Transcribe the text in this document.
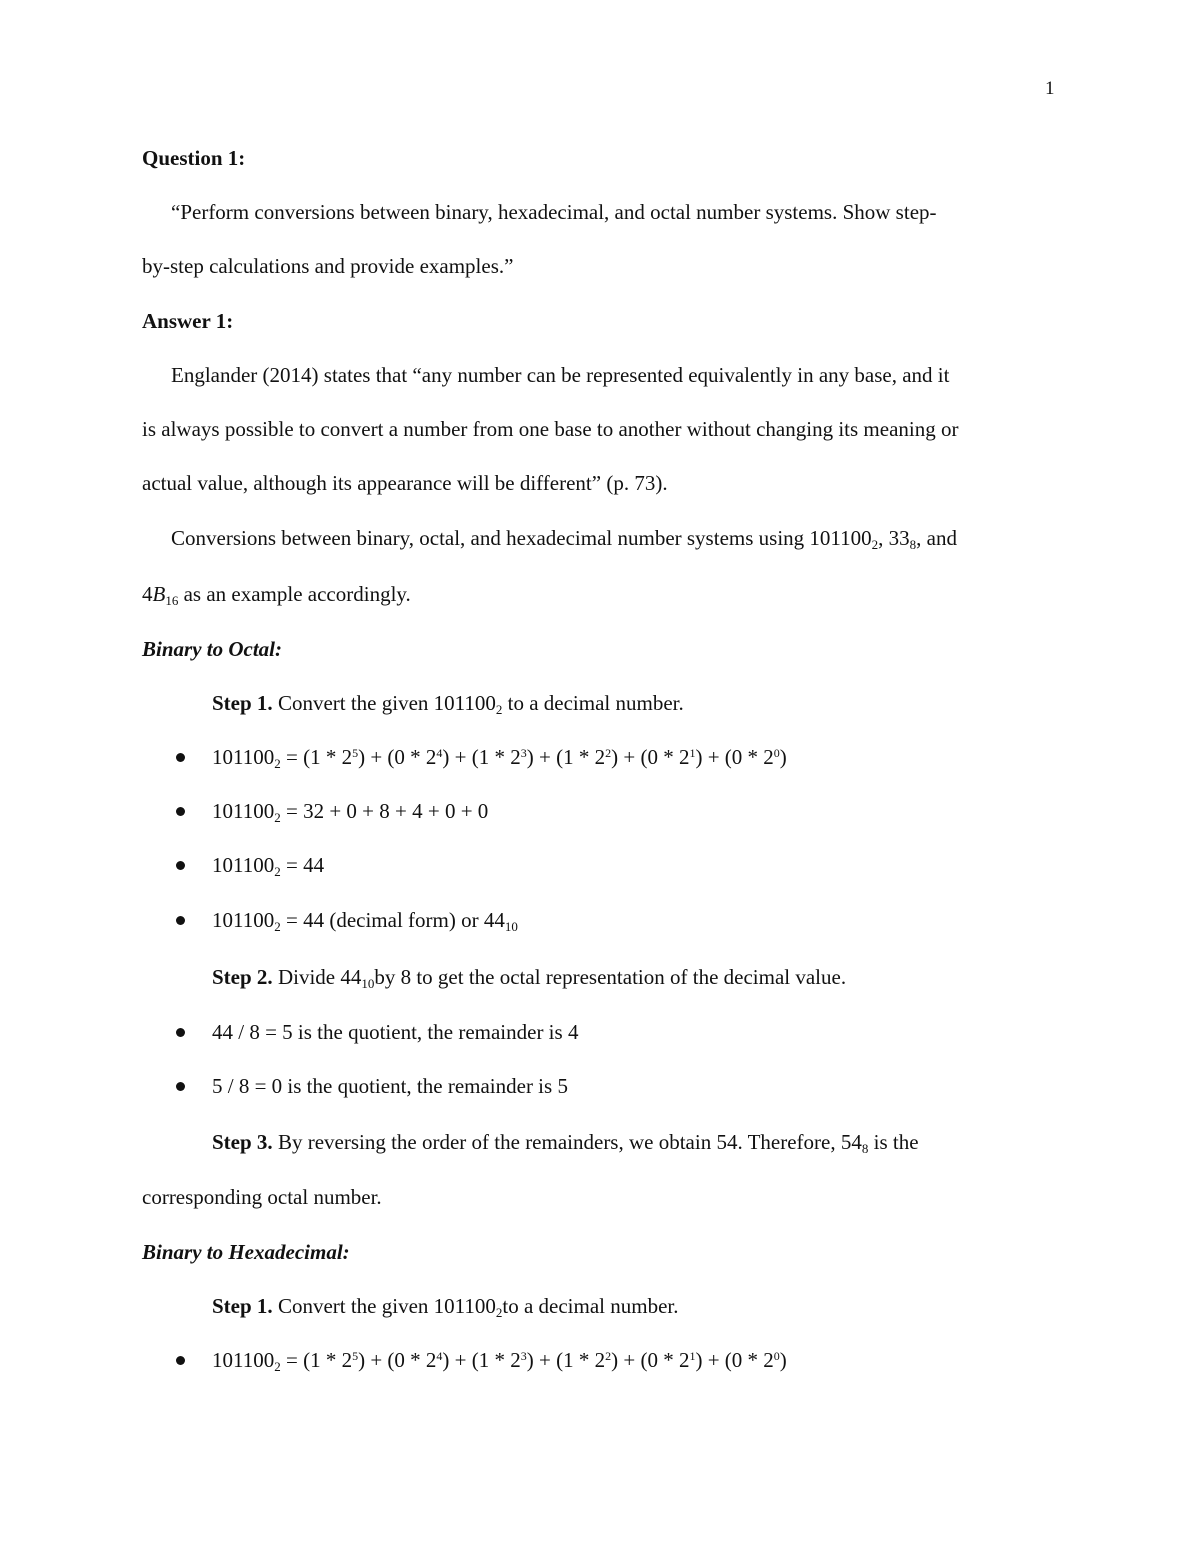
1
Question 1:
“Perform conversions between binary, hexadecimal, and octal number systems. Show step-
by-step calculations and provide examples.”
Answer 1:
Englander (2014) states that “any number can be represented equivalently in any base, and it
is always possible to convert a number from one base to another without changing its meaning or
actual value, although its appearance will be different” (p. 73).
Conversions between binary, octal, and hexadecimal number systems using $101100_2$, $33_8$, and
$4B_{16}$ as an example accordingly.
Binary to Octal:
Step 1. Convert the given $101100_2$ to a decimal number.
$101100_2 = (1 * 2^5) + (0 * 2^4) + (1 * 2^3) + (1 * 2^2) + (0 * 2^1) + (0 * 2^0)$
$101100_2 = 32 + 0 + 8 + 4 + 0 + 0$
$101100_2 = 44$
$101100_2 = 44$ (decimal form) or $44_{10}$
Step 2. Divide $44_{10}by$ 8 to get the octal representation of the decimal value.
44 / 8 = 5 is the quotient, the remainder is 4
5 / 8 = 0 is the quotient, the remainder is 5
Step 3. By reversing the order of the remainders, we obtain 54. Therefore, $54_8$ is the
corresponding octal number.
Binary to Hexadecimal:
Step 1. Convert the given $101100_2to$ a decimal number.
$101100_2 = (1 * 2^5) + (0 * 2^4) + (1 * 2^3) + (1 * 2^2) + (0 * 2^1) + (0 * 2^0)$
